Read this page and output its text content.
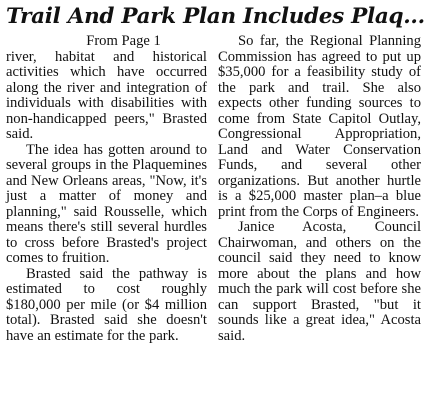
Trail And Park Plan Includes Plaq...

From Page 1

river, habitat and historical activities which have occurred along the river and integration of individuals with disabilities with non-handicapped peers," Brasted said.

The idea has gotten around to several groups in the Plaquemines and New Orleans areas, "Now, it's just a matter of money and planning," said Rousselle, which means there's still several hurdles to cross before Brasted's project comes to fruition.

Brasted said the pathway is estimated to cost roughly $180,000 per mile (or $4 million total). Brasted said she doesn't have an estimate for the park.

So far, the Regional Planning Commission has agreed to put up $35,000 for a feasibility study of the park and trail. She also expects other funding sources to come from State Capitol Outlay, Congressional Appropriation, Land and Water Conservation Funds, and several other organizations. But another hurtle is a $25,000 master plan–a blue print from the Corps of Engineers.

Janice Acosta, Council Chairwoman, and others on the council said they need to know more about the plans and how much the park will cost before she can support Brasted, "but it sounds like a great idea," Acosta said.
